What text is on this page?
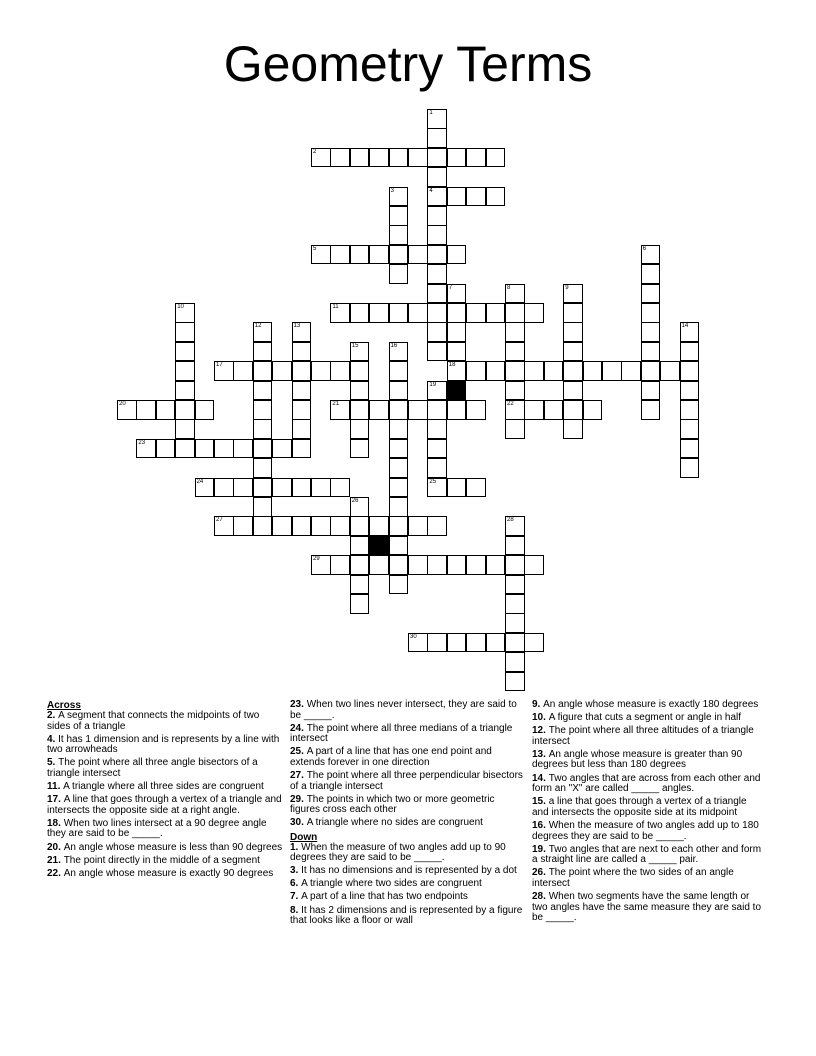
Geometry Terms
1
4
2
3
5	6
7
18
8
22
9
10	11
12	13	14
15	16
17
19
20	21
23
24	25
26
27	28
29
30
Across

2. A segment that connects the midpoints of two sides of a triangle

4. It has 1 dimension and is represents by a line with two arrowheads

5. The point where all three angle bisectors of a triangle intersect

11. A triangle where all three sides are congruent

17. A line that goes through a vertex of a triangle and intersects the opposite side at a right angle.

18. When two lines intersect at a 90 degree angle they are said to be _____.

20. An angle whose measure is less than 90 degrees

21. The point directly in the middle of a segment

22. An angle whose measure is exactly 90 degrees

23. When two lines never intersect, they are said to be _____.

24. The point where all three medians of a triangle intersect

25. A part of a line that has one end point and extends forever in one direction

27. The point where all three perpendicular bisectors of a triangle intersect

29. The points in which two or more geometric figures cross each other

30. A triangle where no sides are congruent

Down

1. When the measure of two angles add up to 90 degrees they are said to be _____.

3. It has no dimensions and is represented by a dot

6. A triangle where two sides are congruent

7. A part of a line that has two endpoints

8. It has 2 dimensions and is represented by a figure that looks like a floor or wall

9. An angle whose measure is exactly 180 degrees

10. A figure that cuts a segment or angle in half

12. The point where all three altitudes of a triangle intersect

13. An angle whose measure is greater than 90 degrees but less than 180 degrees

14. Two angles that are across from each other and form an "X" are called _____ angles.

15. a line that goes through a vertex of a triangle and intersects the opposite side at its midpoint

16. When the measure of two angles add up to 180 degrees they are said to be _____.

19. Two angles that are next to each other and form a straight line are called a _____ pair.

26. The point where the two sides of an angle intersect

28. When two segments have the same length or two angles have the same measure they are said to be _____.
